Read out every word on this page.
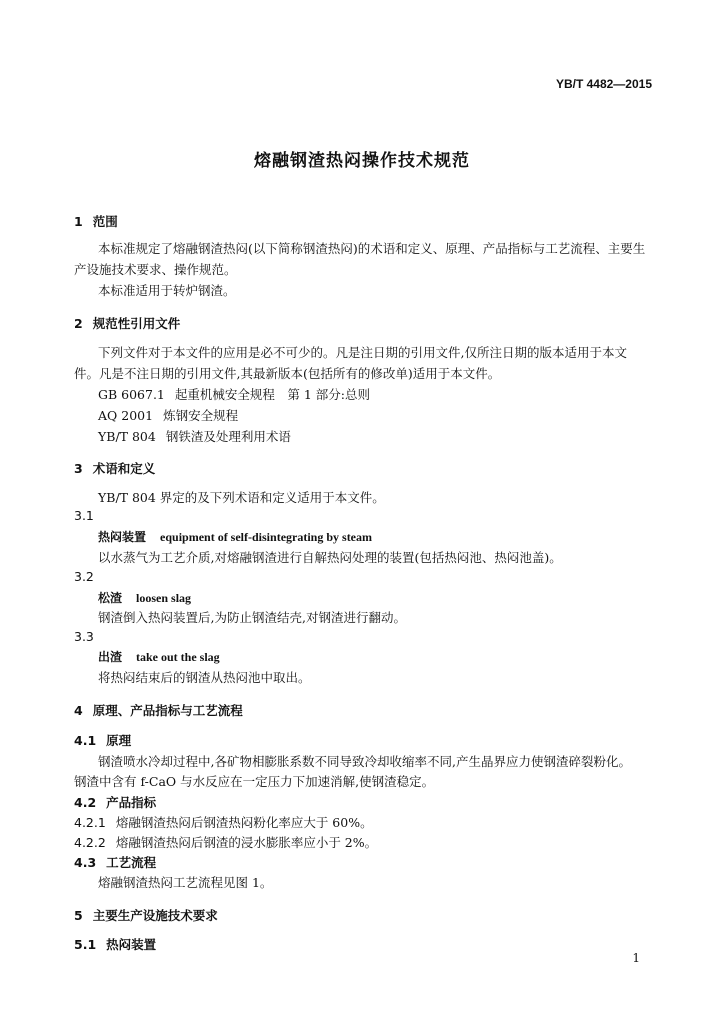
YB/T 4482—2015
熔融钢渣热闷操作技术规范
1 范围
本标准规定了熔融钢渣热闷(以下简称钢渣热闷)的术语和定义、原理、产品指标与工艺流程、主要生
产设施技术要求、操作规范。
本标准适用于转炉钢渣。
2 规范性引用文件
下列文件对于本文件的应用是必不可少的。凡是注日期的引用文件,仅所注日期的版本适用于本文
件。凡是不注日期的引用文件,其最新版本(包括所有的修改单)适用于本文件。
GB 6067.1 起重机械安全规程　第 1 部分:总则
AQ 2001 炼钢安全规程
YB/T 804 钢铁渣及处理利用术语
3 术语和定义
YB/T 804 界定的及下列术语和定义适用于本文件。
3.1
热闷装置 equipment of self-disintegrating by steam
以水蒸气为工艺介质,对熔融钢渣进行自解热闷处理的装置(包括热闷池、热闷池盖)。
3.2
松渣 loosen slag
钢渣倒入热闷装置后,为防止钢渣结壳,对钢渣进行翻动。
3.3
出渣 take out the slag
将热闷结束后的钢渣从热闷池中取出。
4 原理、产品指标与工艺流程
4.1 原理
钢渣喷水冷却过程中,各矿物相膨胀系数不同导致冷却收缩率不同,产生晶界应力使钢渣碎裂粉化。
钢渣中含有 f-CaO 与水反应在一定压力下加速消解,使钢渣稳定。
4.2 产品指标
4.2.1 熔融钢渣热闷后钢渣热闷粉化率应大于 60%。
4.2.2 熔融钢渣热闷后钢渣的浸水膨胀率应小于 2%。
4.3 工艺流程
熔融钢渣热闷工艺流程见图 1。
5 主要生产设施技术要求
5.1 热闷装置
1
